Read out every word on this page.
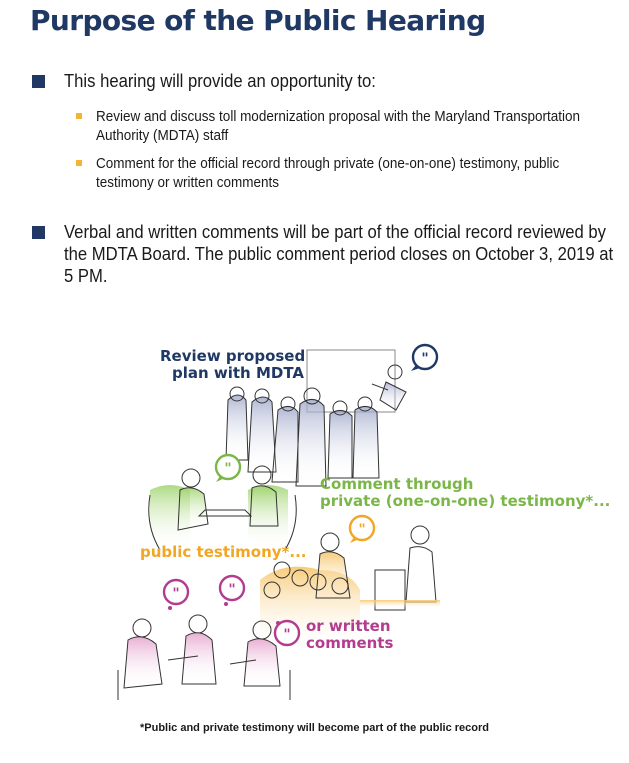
Purpose of the Public Hearing
This hearing will provide an opportunity to:
Review and discuss toll modernization proposal with the Maryland Transportation Authority (MDTA) staff
Comment for the official record through private (one-on-one) testimony, public testimony or written comments
Verbal and written comments will be part of the official record reviewed by the MDTA Board. The public comment period closes on October 3, 2019 at 5 PM.
"
"
"
"	"
"
Review proposed
plan with MDTA
Comment through
private (one-on-one) testimony*...
public testimony*...
or written
comments
*Public and private testimony will become part of the public record
